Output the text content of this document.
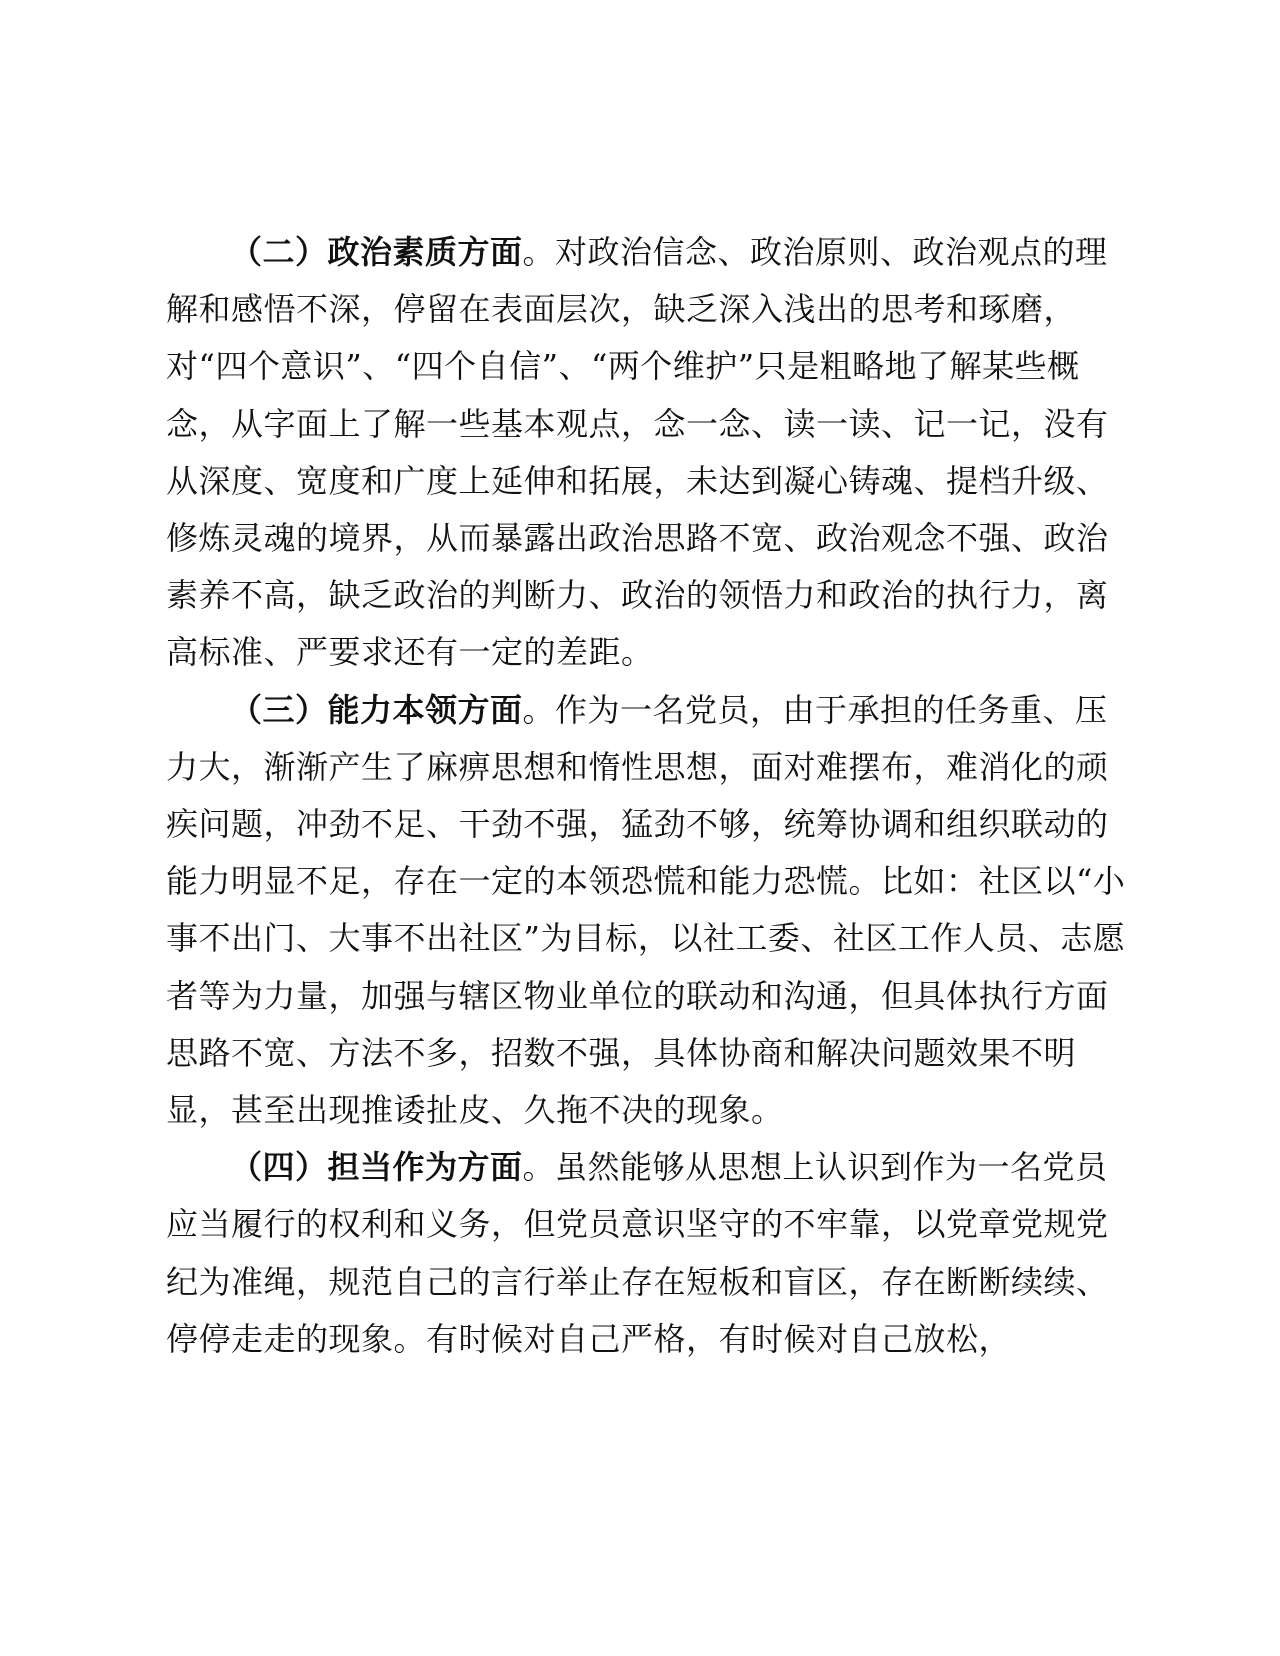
（二）政治素质方面。对政治信念、政治原则、政治观点的理解和感悟不深，停留在表面层次，缺乏深入浅出的思考和琢磨，对“四个意识”、“四个自信”、“两个维护”只是粗略地了解某些概念，从字面上了解一些基本观点，念一念、读一读、记一记，没有从深度、宽度和广度上延伸和拓展，未达到凝心铸魂、提档升级、修炼灵魂的境界，从而暴露出政治思路不宽、政治观念不强、政治素养不高，缺乏政治的判断力、政治的领悟力和政治的执行力，离高标准、严要求还有一定的差距。

（三）能力本领方面。作为一名党员，由于承担的任务重、压力大，渐渐产生了麻痹思想和惰性思想，面对难摆布，难消化的顽疾问题，冲劲不足、干劲不强，猛劲不够，统筹协调和组织联动的能力明显不足，存在一定的本领恐慌和能力恐慌。比如：社区以“小事不出门、大事不出社区”为目标，以社工委、社区工作人员、志愿者等为力量，加强与辖区物业单位的联动和沟通，但具体执行方面思路不宽、方法不多，招数不强，具体协商和解决问题效果不明显，甚至出现推诿扯皮、久拖不决的现象。

（四）担当作为方面。虽然能够从思想上认识到作为一名党员应当履行的权利和义务，但党员意识坚守的不牢靠，以党章党规党纪为准绳，规范自己的言行举止存在短板和盲区，存在断断续续、停停走走的现象。有时候对自己严格，有时候对自己放松，
